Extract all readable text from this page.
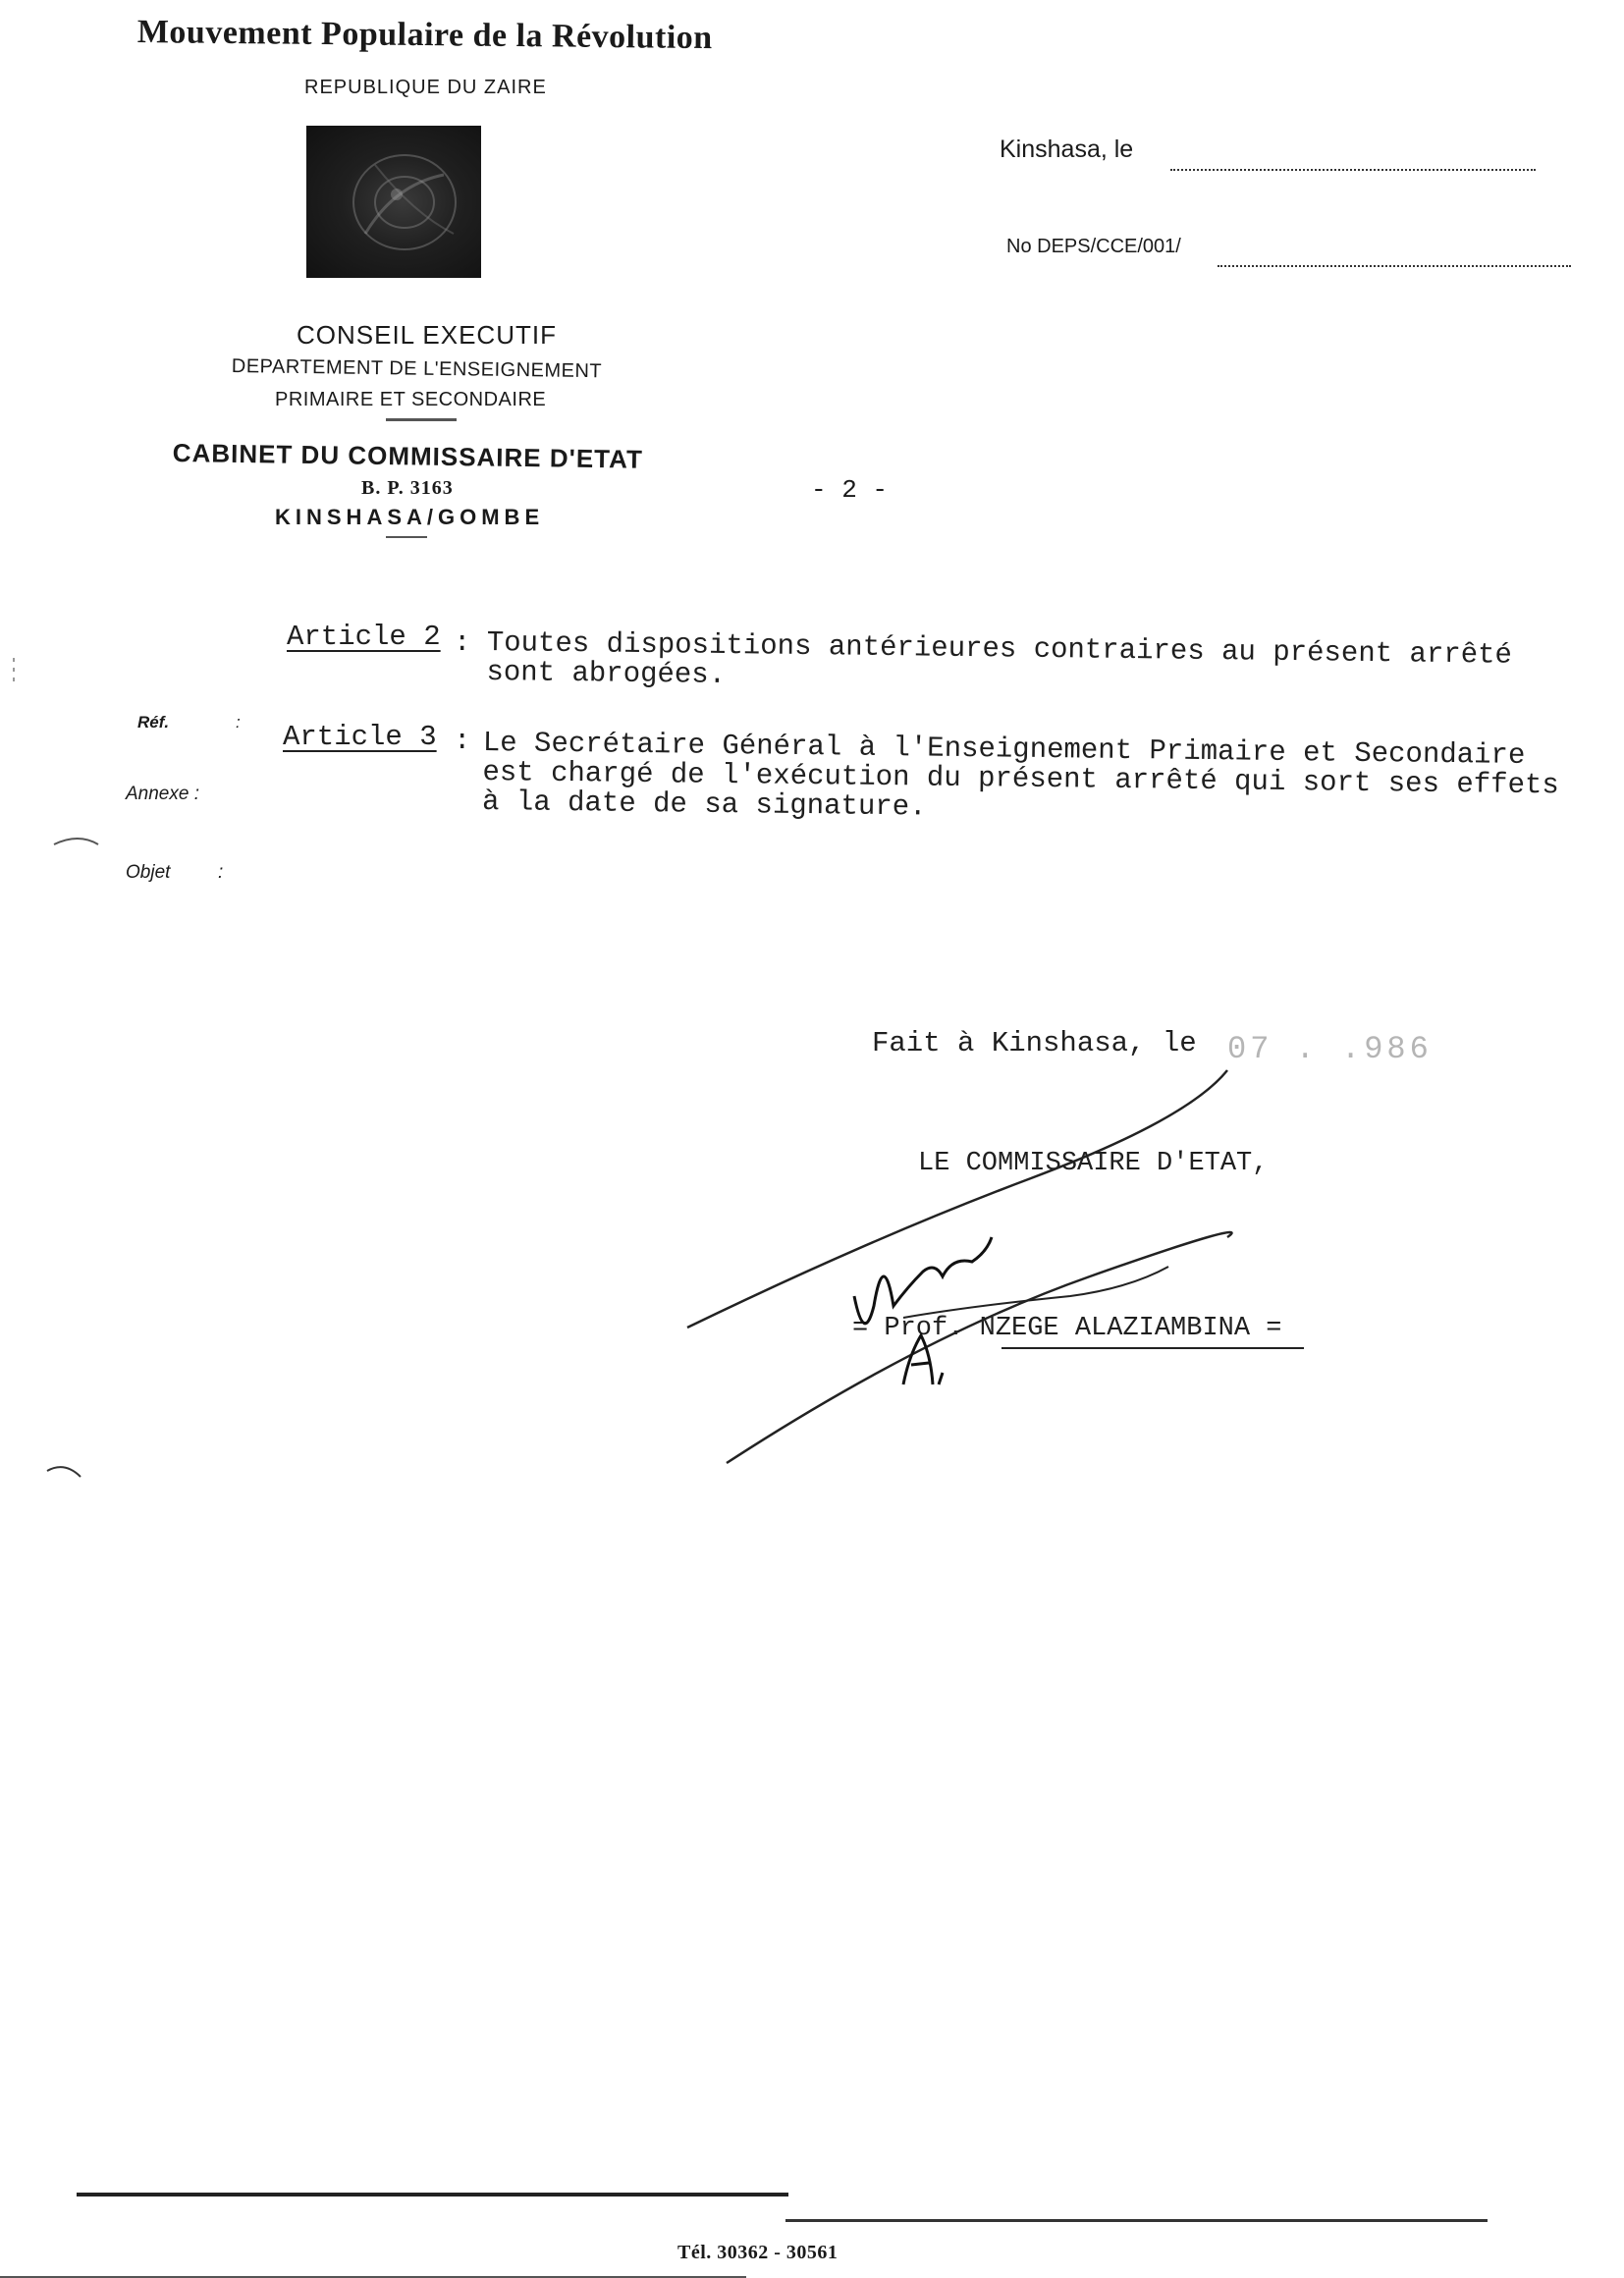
Mouvement Populaire de la Révolution
REPUBLIQUE DU ZAIRE
CONSEIL EXECUTIF
DEPARTEMENT DE L'ENSEIGNEMENT
PRIMAIRE ET SECONDAIRE
CABINET DU COMMISSAIRE D'ETAT
B. P. 3163
KINSHASA/GOMBE
Kinshasa, le
No DEPS/CCE/001/
- 2 -
Réf.	:
Annexe :
Objet	:
Article 2 : Toutes dispositions antérieures contraires au présent arrêté sont abrogées.
Article 3 : Le Secrétaire Général à l'Enseignement Primaire et Secondaire est chargé de l'exécution du présent arrêté qui sort ses effets à la date de sa signature.
Fait à Kinshasa, le 07 . .986
LE COMMISSAIRE D'ETAT,
= Prof. NZEGE ALAZIAMBINA =
Tél. 30362 - 30561
